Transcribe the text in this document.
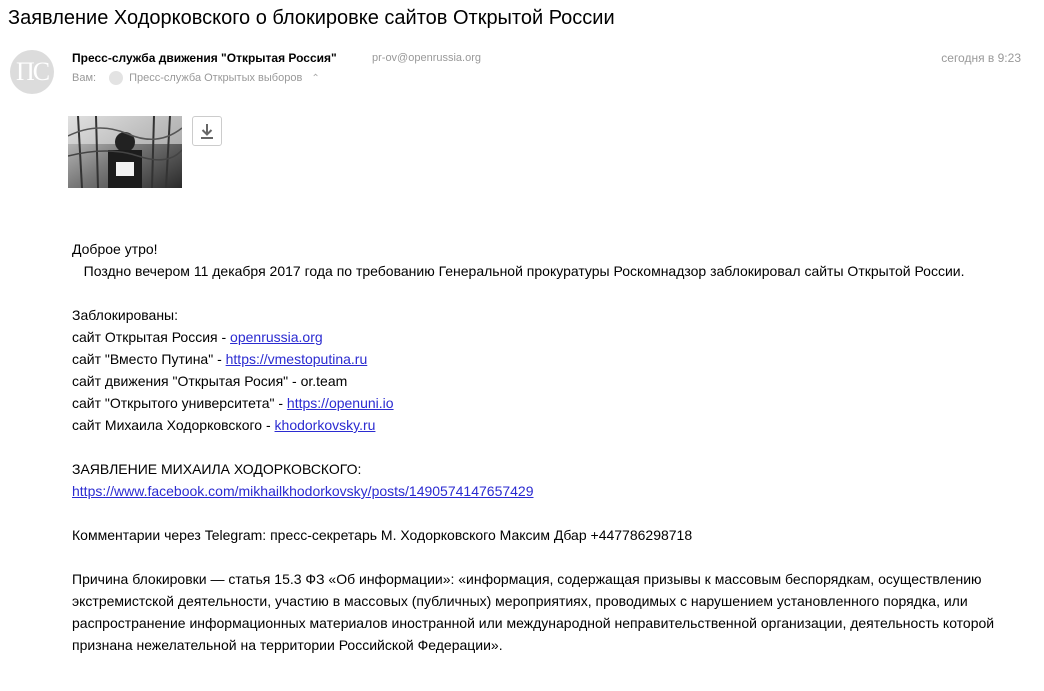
Заявление Ходорковского о блокировке сайтов Открытой России
ПС	Пресс-служба движения "Открытая Россия"	pr-ov@openrussia.org	сегодня в 9:23
Вам:	Пресс-служба Открытых выборов ⌃

Доброе утро!

Поздно вечером 11 декабря 2017 года по требованию Генеральной прокуратуры Роскомнадзор заблокировал сайты Открытой России.

Заблокированы:

сайт Открытая Россия - openrussia.org

сайт "Вместо Путина" - https://vmestoputina.ru

сайт движения "Открытая Росия" - or.team

сайт "Открытого университета" - https://openuni.io

сайт Михаила Ходорковского - khodorkovsky.ru

ЗАЯВЛЕНИЕ МИХАИЛА ХОДОРКОВСКОГО:

https://www.facebook.com/mikhailkhodorkovsky/posts/1490574147657429

Комментарии через Telegram: пресс-секретарь М. Ходорковского Максим Дбар +447786298718

Причина блокировки — статья 15.3 ФЗ «Об информации»: «информация, содержащая призывы к массовым беспорядкам, осуществлению экстремистской деятельности, участию в массовых (публичных) мероприятиях, проводимых с нарушением установленного порядка, или распространение информационных материалов иностранной или международной неправительственной организации, деятельность которой признана нежелательной на территории Российской Федерации».
